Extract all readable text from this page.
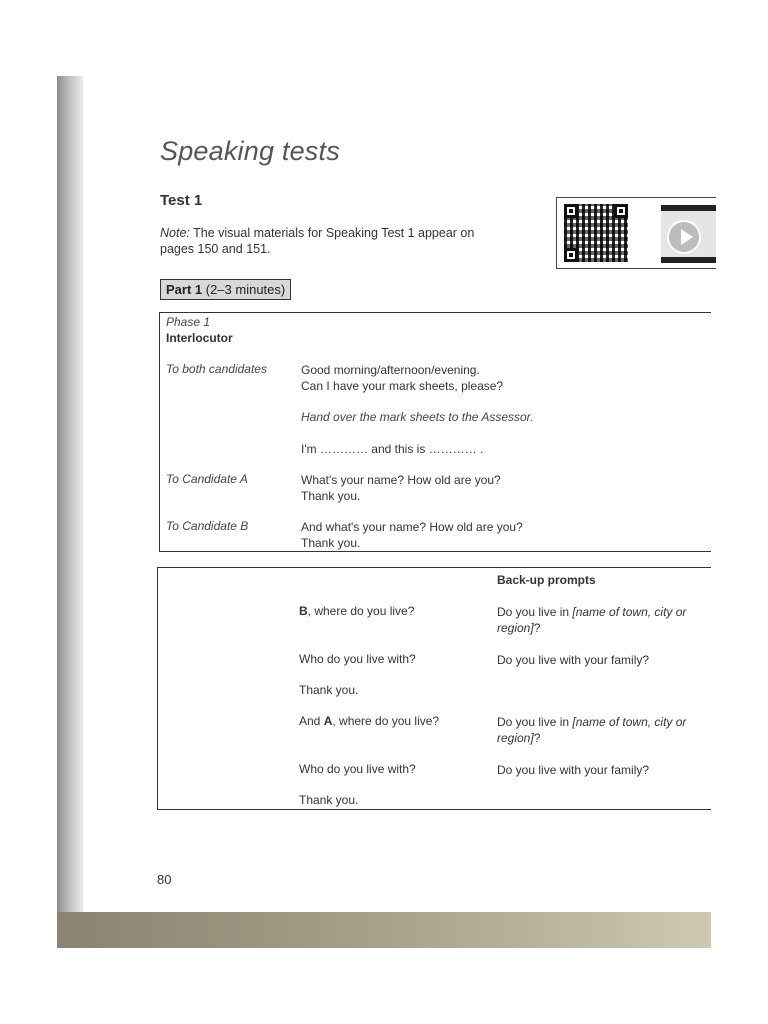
Speaking tests
Test 1
Note: The visual materials for Speaking Test 1 appear on pages 150 and 151.
Part 1 (2–3 minutes)
Phase 1
Interlocutor
To both candidates	Good morning/afternoon/evening.
Can I have your mark sheets, please?
Hand over the mark sheets to the Assessor.
I'm ………… and this is ………… .
To Candidate A	What's your name? How old are you?
Thank you.
To Candidate B	And what's your name? How old are you?
Thank you.
Back-up prompts
B, where do you live?	Do you live in [name of town, city or
region]?
Who do you live with?	Do you live with your family?
Thank you.
And A, where do you live?	Do you live in [name of town, city or
region]?
Who do you live with?	Do you live with your family?
Thank you.
80
